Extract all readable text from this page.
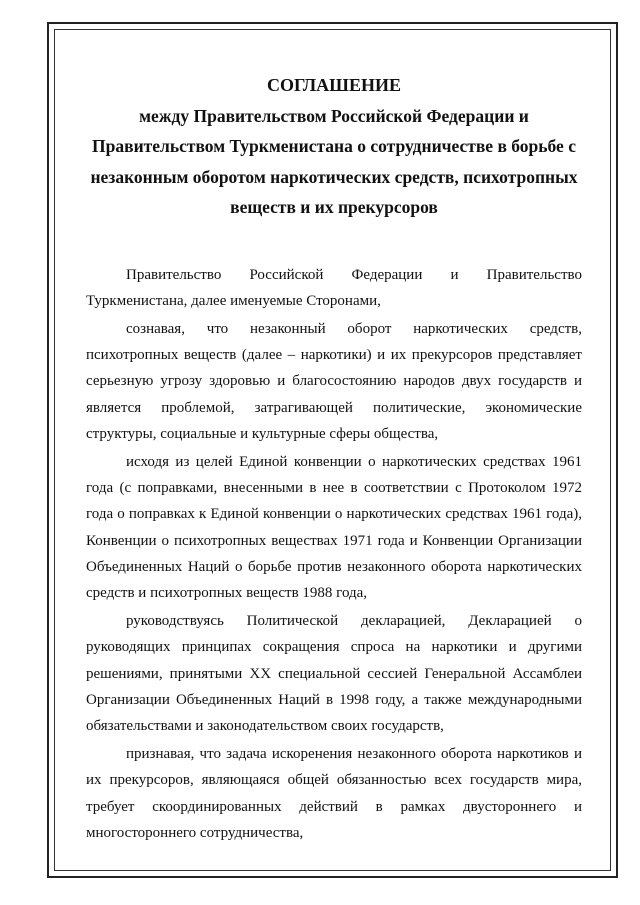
СОГЛАШЕНИЕ
между Правительством Российской Федерации и Правительством Туркменистана о сотрудничестве в борьбе с незаконным оборотом наркотических средств, психотропных веществ и их прекурсоров

Правительство Российской Федерации и Правительство Туркменистана, далее именуемые Сторонами,

сознавая, что незаконный оборот наркотических средств, психотропных веществ (далее – наркотики) и их прекурсоров представляет серьезную угрозу здоровью и благосостоянию народов двух государств и является проблемой, затрагивающей политические, экономические структуры, социальные и культурные сферы общества,

исходя из целей Единой конвенции о наркотических средствах 1961 года (с поправками, внесенными в нее в соответствии с Протоколом 1972 года о поправках к Единой конвенции о наркотических средствах 1961 года), Конвенции о психотропных веществах 1971 года и Конвенции Организации Объединенных Наций о борьбе против незаконного оборота наркотических средств и психотропных веществ 1988 года,

руководствуясь Политической декларацией, Декларацией о руководящих принципах сокращения спроса на наркотики и другими решениями, принятыми XX специальной сессией Генеральной Ассамблеи Организации Объединенных Наций в 1998 году, а также международными обязательствами и законодательством своих государств,

признавая, что задача искоренения незаконного оборота наркотиков и их прекурсоров, являющаяся общей обязанностью всех государств мира, требует скоординированных действий в рамках двустороннего и многостороннего сотрудничества,
